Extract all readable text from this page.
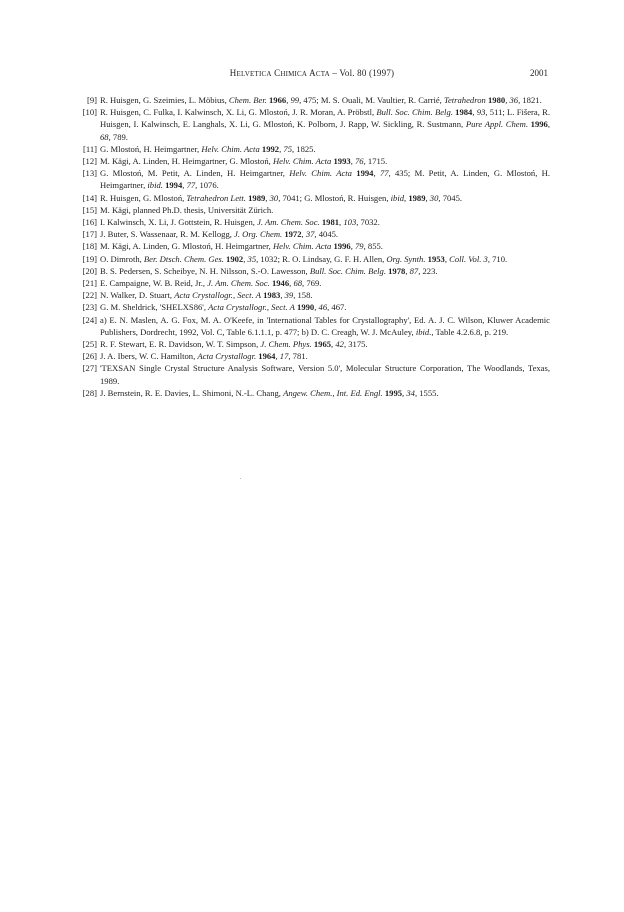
HELVETICA CHIMICA ACTA – Vol. 80 (1997)	2001
[9] R. Huisgen, G. Szeimies, L. Möbius, Chem. Ber. 1966, 99, 475; M. S. Ouali, M. Vaultier, R. Carrié, Tetrahedron 1980, 36, 1821.
[10] R. Huisgen, C. Fulka, I. Kalwinsch, X. Li, G. Mlostoń, J. R. Moran, A. Pröbstl, Bull. Soc. Chim. Belg. 1984, 93, 511; L. Fišera, R. Huisgen, I. Kalwinsch, E. Langhals, X. Li, G. Mlostoń, K. Polborn, J. Rapp, W. Sickling, R. Sustmann, Pure Appl. Chem. 1996, 68, 789.
[11] G. Mlostoń, H. Heimgartner, Helv. Chim. Acta 1992, 75, 1825.
[12] M. Kägi, A. Linden, H. Heimgartner, G. Mlostoń, Helv. Chim. Acta 1993, 76, 1715.
[13] G. Mlostoń, M. Petit, A. Linden, H. Heimgartner, Helv. Chim. Acta 1994, 77, 435; M. Petit, A. Linden, G. Mlostoń, H. Heimgartner, ibid. 1994, 77, 1076.
[14] R. Huisgen, G. Mlostoń, Tetrahedron Lett. 1989, 30, 7041; G. Mlostoń, R. Huisgen, ibid, 1989, 30, 7045.
[15] M. Kägi, planned Ph.D. thesis, Universität Zürich.
[16] I. Kalwinsch, X. Li, J. Gottstein, R. Huisgen, J. Am. Chem. Soc. 1981, 103, 7032.
[17] J. Buter, S. Wassenaar, R. M. Kellogg, J. Org. Chem. 1972, 37, 4045.
[18] M. Kägi, A. Linden, G. Mlostoń, H. Heimgartner, Helv. Chim. Acta 1996, 79, 855.
[19] O. Dimroth, Ber. Dtsch. Chem. Ges. 1902, 35, 1032; R. O. Lindsay, G. F. H. Allen, Org. Synth. 1953, Coll. Vol. 3, 710.
[20] B. S. Pedersen, S. Scheibye, N. H. Nilsson, S.-O. Lawesson, Bull. Soc. Chim. Belg. 1978, 87, 223.
[21] E. Campaigne, W. B. Reid, Jr., J. Am. Chem. Soc. 1946, 68, 769.
[22] N. Walker, D. Stuart, Acta Crystallogr., Sect. A 1983, 39, 158.
[23] G. M. Sheldrick, 'SHELXS86', Acta Crystallogr., Sect. A 1990, 46, 467.
[24] a) E. N. Maslen, A. G. Fox, M. A. O'Keefe, in 'International Tables for Crystallography', Ed. A. J. C. Wilson, Kluwer Academic Publishers, Dordrecht, 1992, Vol. C, Table 6.1.1.1, p. 477; b) D. C. Creagh, W. J. McAuley, ibid., Table 4.2.6.8, p. 219.
[25] R. F. Stewart, E. R. Davidson, W. T. Simpson, J. Chem. Phys. 1965, 42, 3175.
[26] J. A. Ibers, W. C. Hamilton, Acta Crystallogr. 1964, 17, 781.
[27] 'TEXSAN Single Crystal Structure Analysis Software, Version 5.0', Molecular Structure Corporation, The Woodlands, Texas, 1989.
[28] J. Bernstein, R. E. Davies, L. Shimoni, N.-L. Chang, Angew. Chem., Int. Ed. Engl. 1995, 34, 1555.
